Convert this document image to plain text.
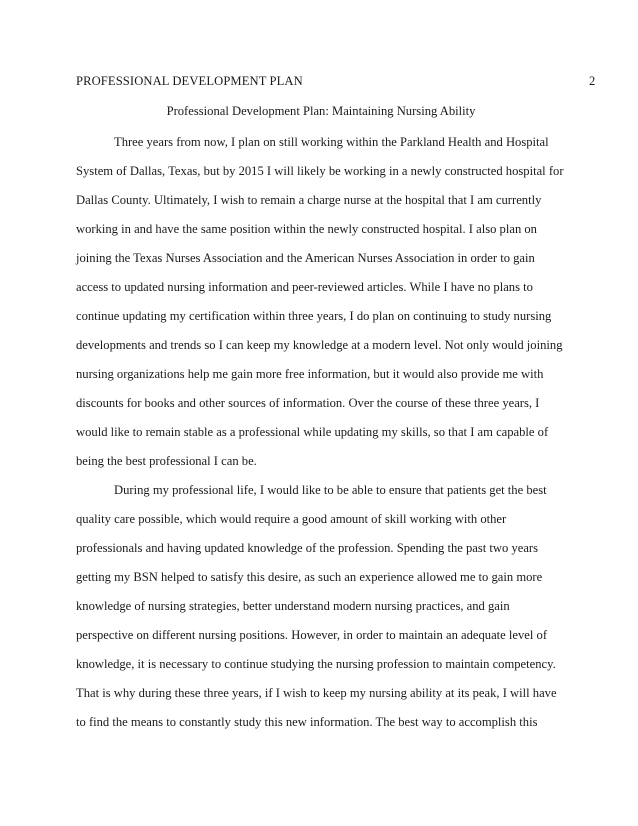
PROFESSIONAL DEVELOPMENT PLAN	2
Professional Development Plan: Maintaining Nursing Ability
Three years from now, I plan on still working within the Parkland Health and Hospital
System of Dallas, Texas, but by 2015 I will likely be working in a newly constructed hospital for
Dallas County. Ultimately, I wish to remain a charge nurse at the hospital that I am currently
working in and have the same position within the newly constructed hospital. I also plan on
joining the Texas Nurses Association and the American Nurses Association in order to gain
access to updated nursing information and peer-reviewed articles. While I have no plans to
continue updating my certification within three years, I do plan on continuing to study nursing
developments and trends so I can keep my knowledge at a modern level. Not only would joining
nursing organizations help me gain more free information, but it would also provide me with
discounts for books and other sources of information. Over the course of these three years, I
would like to remain stable as a professional while updating my skills, so that I am capable of
being the best professional I can be.
During my professional life, I would like to be able to ensure that patients get the best
quality care possible, which would require a good amount of skill working with other
professionals and having updated knowledge of the profession. Spending the past two years
getting my BSN helped to satisfy this desire, as such an experience allowed me to gain more
knowledge of nursing strategies, better understand modern nursing practices, and gain
perspective on different nursing positions. However, in order to maintain an adequate level of
knowledge, it is necessary to continue studying the nursing profession to maintain competency.
That is why during these three years, if I wish to keep my nursing ability at its peak, I will have
to find the means to constantly study this new information. The best way to accomplish this
